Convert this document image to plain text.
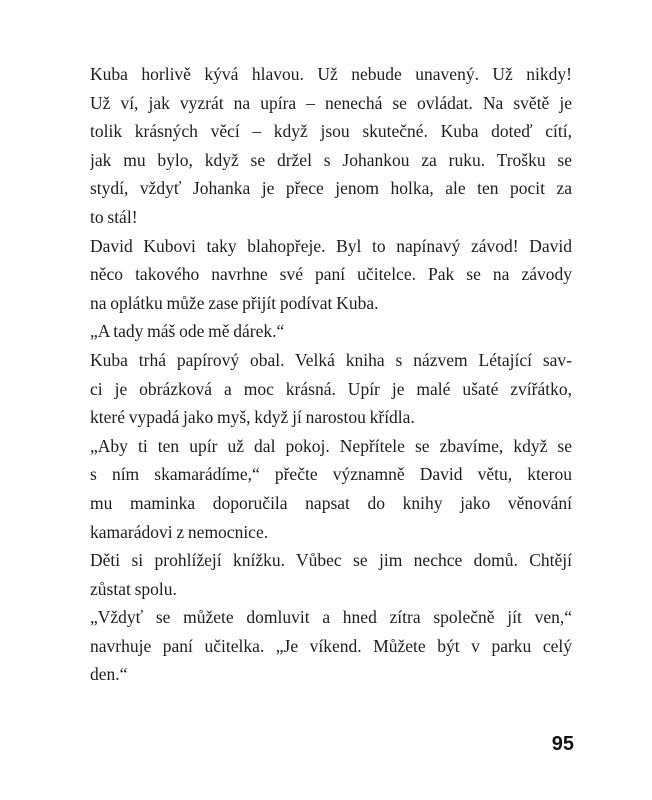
Kuba horlivě kývá hlavou. Už nebude unavený. Už nikdy!
Už ví, jak vyzrát na upíra – nenechá se ovládat. Na světě je
tolik krásných věcí – když jsou skutečné. Kuba doteď cítí,
jak mu bylo, když se držel s Johankou za ruku. Trošku se
stydí, vždyť Johanka je přece jenom holka, ale ten pocit za
to stál!
David Kubovi taky blahopřeje. Byl to napínavý závod! David
něco takového navrhne své paní učitelce. Pak se na závody
na oplátku může zase přijít podívat Kuba.
„A tady máš ode mě dárek.“
Kuba trhá papírový obal. Velká kniha s názvem Létající sav-
ci je obrázková a moc krásná. Upír je malé ušaté zvířátko,
které vypadá jako myš, když jí narostou křídla.
„Aby ti ten upír už dal pokoj. Nepřítele se zbavíme, když se
s ním skamarádíme,“ přečte významně David větu, kterou
mu maminka doporučila napsat do knihy jako věnování
kamarádovi z nemocnice.
Děti si prohlížejí knížku. Vůbec se jim nechce domů. Chtějí
zůstat spolu.
„Vždyť se můžete domluvit a hned zítra společně jít ven,“
navrhuje paní učitelka. „Je víkend. Můžete být v parku celý
den.“
95
